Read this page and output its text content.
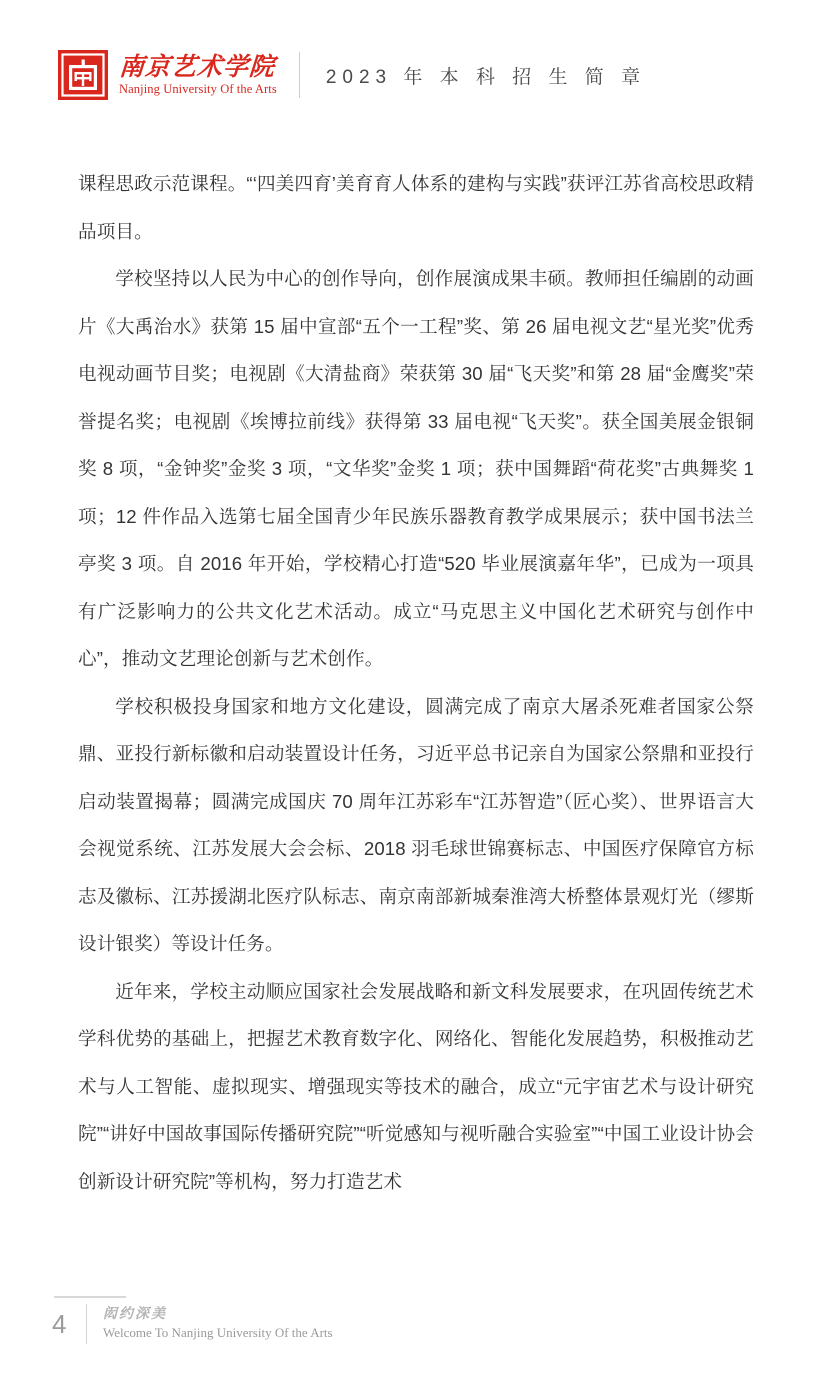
南京艺术学院
Nanjing University Of the Arts
2023 年 本 科 招 生 简 章

课程思政示范课程。“‘四美四育’美育育人体系的建构与实践”获评江苏省高校思政精品项目。

学校坚持以人民为中心的创作导向，创作展演成果丰硕。教师担任编剧的动画片《大禹治水》获第 15 届中宣部“五个一工程”奖、第 26 届电视文艺“星光奖”优秀电视动画节目奖；电视剧《大清盐商》荣获第 30 届“飞天奖”和第 28 届“金鹰奖”荣誉提名奖；电视剧《埃博拉前线》获得第 33 届电视“飞天奖”。获全国美展金银铜奖 8 项，“金钟奖”金奖 3 项，“文华奖”金奖 1 项；获中国舞蹈“荷花奖”古典舞奖 1 项；12 件作品入选第七届全国青少年民族乐器教育教学成果展示；获中国书法兰亭奖 3 项。自 2016 年开始，学校精心打造“520 毕业展演嘉年华”，已成为一项具有广泛影响力的公共文化艺术活动。成立“马克思主义中国化艺术研究与创作中心”，推动文艺理论创新与艺术创作。

学校积极投身国家和地方文化建设，圆满完成了南京大屠杀死难者国家公祭鼎、亚投行新标徽和启动装置设计任务，习近平总书记亲自为国家公祭鼎和亚投行启动装置揭幕；圆满完成国庆 70 周年江苏彩车“江苏智造”（匠心奖）、世界语言大会视觉系统、江苏发展大会会标、2018 羽毛球世锦赛标志、中国医疗保障官方标志及徽标、江苏援湖北医疗队标志、南京南部新城秦淮湾大桥整体景观灯光（缪斯设计银奖）等设计任务。

近年来，学校主动顺应国家社会发展战略和新文科发展要求，在巩固传统艺术学科优势的基础上，把握艺术教育数字化、网络化、智能化发展趋势，积极推动艺术与人工智能、虚拟现实、增强现实等技术的融合，成立“元宇宙艺术与设计研究院”“讲好中国故事国际传播研究院”“听觉感知与视听融合实验室”“中国工业设计协会创新设计研究院”等机构，努力打造艺术

4	闳约深美
Welcome To Nanjing University Of the Arts
